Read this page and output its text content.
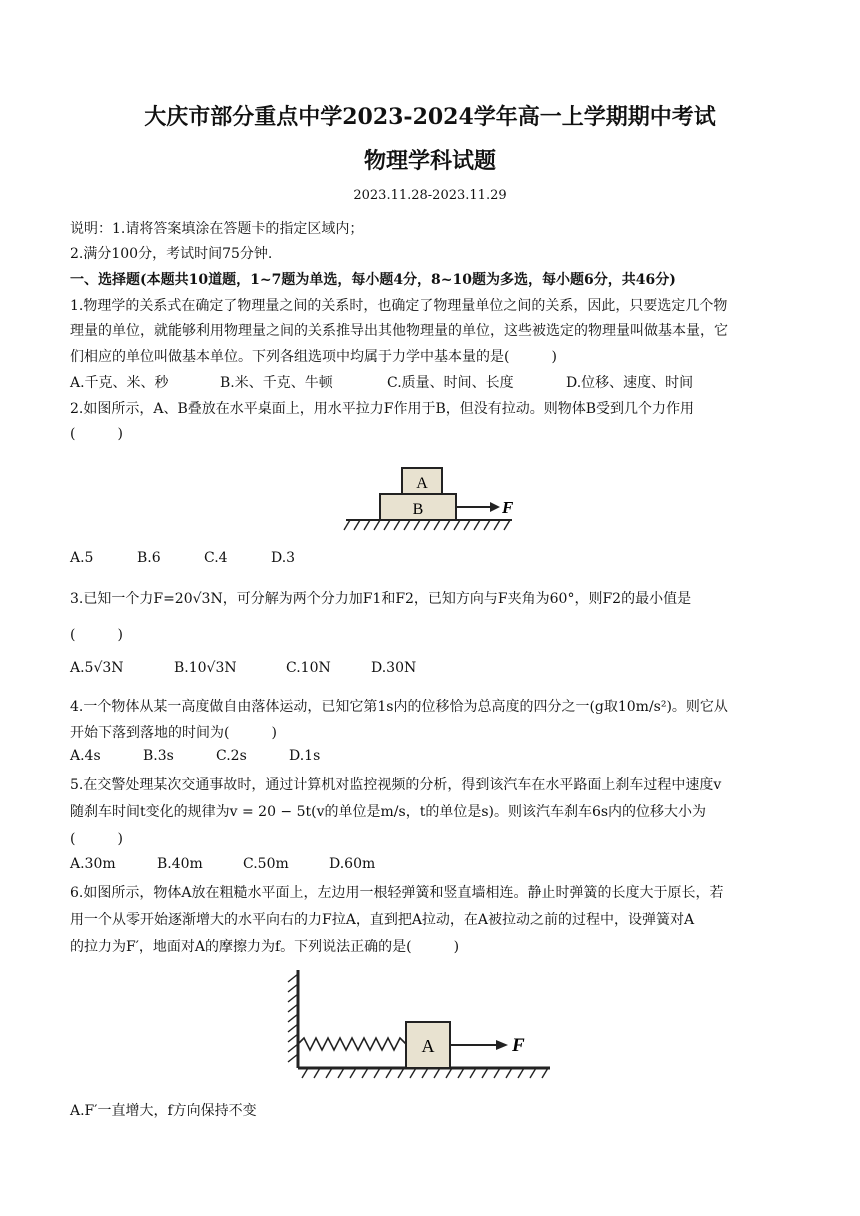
大庆市部分重点中学2023-2024学年高一上学期期中考试
物理学科试题
2023.11.28-2023.11.29
说明：1.请将答案填涂在答题卡的指定区域内；
2.满分100分，考试时间75分钟.
一、选择题(本题共10道题，1~7题为单选，每小题4分，8~10题为多选，每小题6分，共46分)
1.物理学的关系式在确定了物理量之间的关系时，也确定了物理量单位之间的关系，因此，只要选定几个物
理量的单位，就能够利用物理量之间的关系推导出其他物理量的单位，这些被选定的物理量叫做基本量，它
们相应的单位叫做基本单位。下列各组选项中均属于力学中基本量的是(　　　)
A.千克、米、秒	B.米、千克、牛顿	C.质量、时间、长度	D.位移、速度、时间
2.如图所示，A、B叠放在水平桌面上，用水平拉力F作用于B，但没有拉动。则物体B受到几个力作用
(　　　)
A
B	F
A.5	B.6	C.4	D.3
3.已知一个力F=20√3N，可分解为两个分力加F1和F2，已知方向与F夹角为60°，则F2的最小值是
(　　　)
A.5√3N	B.10√3N	C.10N	D.30N
4.一个物体从某一高度做自由落体运动，已知它第1s内的位移恰为总高度的四分之一(g取10m/s²)。则它从
开始下落到落地的时间为(　　　)
A.4s	B.3s	C.2s	D.1s
5.在交警处理某次交通事故时，通过计算机对监控视频的分析，得到该汽车在水平路面上刹车过程中速度v
随刹车时间t变化的规律为v = 20 − 5t(v的单位是m/s，t的单位是s)。则该汽车刹车6s内的位移大小为
(　　　)
A.30m	B.40m	C.50m	D.60m
6.如图所示，物体A放在粗糙水平面上，左边用一根轻弹簧和竖直墙相连。静止时弹簧的长度大于原长，若
用一个从零开始逐渐增大的水平向右的力F拉A，直到把A拉动，在A被拉动之前的过程中，设弹簧对A
的拉力为F′，地面对A的摩擦力为f。下列说法正确的是(　　　)
A	F
A.F′一直增大，f方向保持不变
